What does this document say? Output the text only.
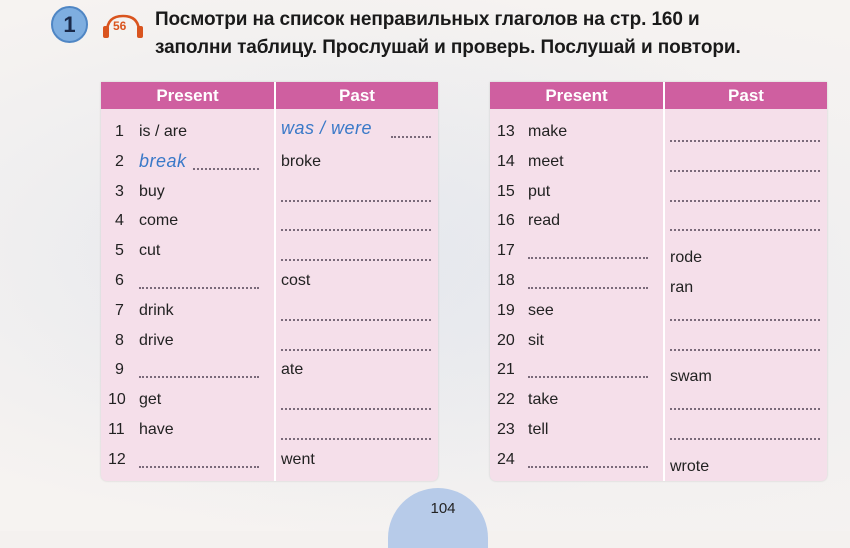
1	56 Посмотри на список неправильных глаголов на стр. 160 и
заполни таблицу. Прослушай и проверь. Послушай и повтори.
Present	Past
1 is / are	was / were
2 break	broke
3 buy
4 come
5 cut
6	cost
7 drink
8 drive
9	ate
10 get
11 have
12	went
Present	Past
13 make
14 meet
15 put
16 read
17	rode
18	ran
19 see
20 sit
21	swam
22 take
23 tell
24	wrote
104
